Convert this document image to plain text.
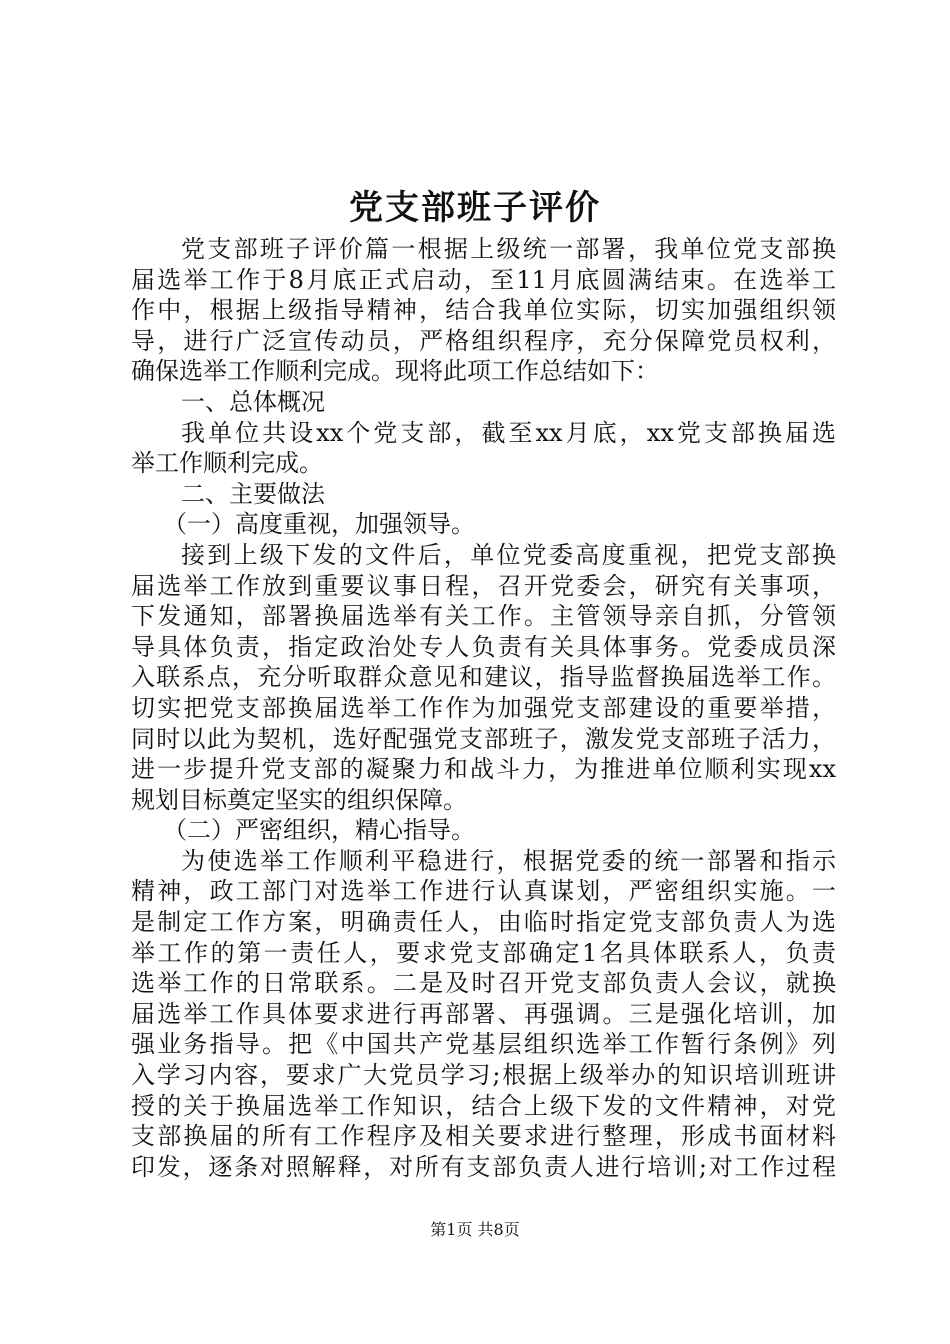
党支部班子评价
党支部班子评价篇一根据上级统一部署，我单位党支部换
届选举工作于8月底正式启动，至11月底圆满结束。在选举工
作中，根据上级指导精神，结合我单位实际，切实加强组织领
导，进行广泛宣传动员，严格组织程序，充分保障党员权利，
确保选举工作顺利完成。现将此项工作总结如下：
一、总体概况
我单位共设xx个党支部，截至xx月底，xx党支部换届选
举工作顺利完成。
二、主要做法
（一）高度重视，加强领导。
接到上级下发的文件后，单位党委高度重视，把党支部换
届选举工作放到重要议事日程，召开党委会，研究有关事项，
下发通知，部署换届选举有关工作。主管领导亲自抓，分管领
导具体负责，指定政治处专人负责有关具体事务。党委成员深
入联系点，充分听取群众意见和建议，指导监督换届选举工作。
切实把党支部换届选举工作作为加强党支部建设的重要举措，
同时以此为契机，选好配强党支部班子，激发党支部班子活力，
进一步提升党支部的凝聚力和战斗力，为推进单位顺利实现xx
规划目标奠定坚实的组织保障。
（二）严密组织，精心指导。
为使选举工作顺利平稳进行，根据党委的统一部署和指示
精神，政工部门对选举工作进行认真谋划，严密组织实施。一
是制定工作方案，明确责任人，由临时指定党支部负责人为选
举工作的第一责任人，要求党支部确定1名具体联系人，负责
选举工作的日常联系。二是及时召开党支部负责人会议，就换
届选举工作具体要求进行再部署、再强调。三是强化培训，加
强业务指导。把《中国共产党基层组织选举工作暂行条例》列
入学习内容，要求广大党员学习;根据上级举办的知识培训班讲
授的关于换届选举工作知识，结合上级下发的文件精神，对党
支部换届的所有工作程序及相关要求进行整理，形成书面材料
印发，逐条对照解释，对所有支部负责人进行培训;对工作过程
第1页 共8页
